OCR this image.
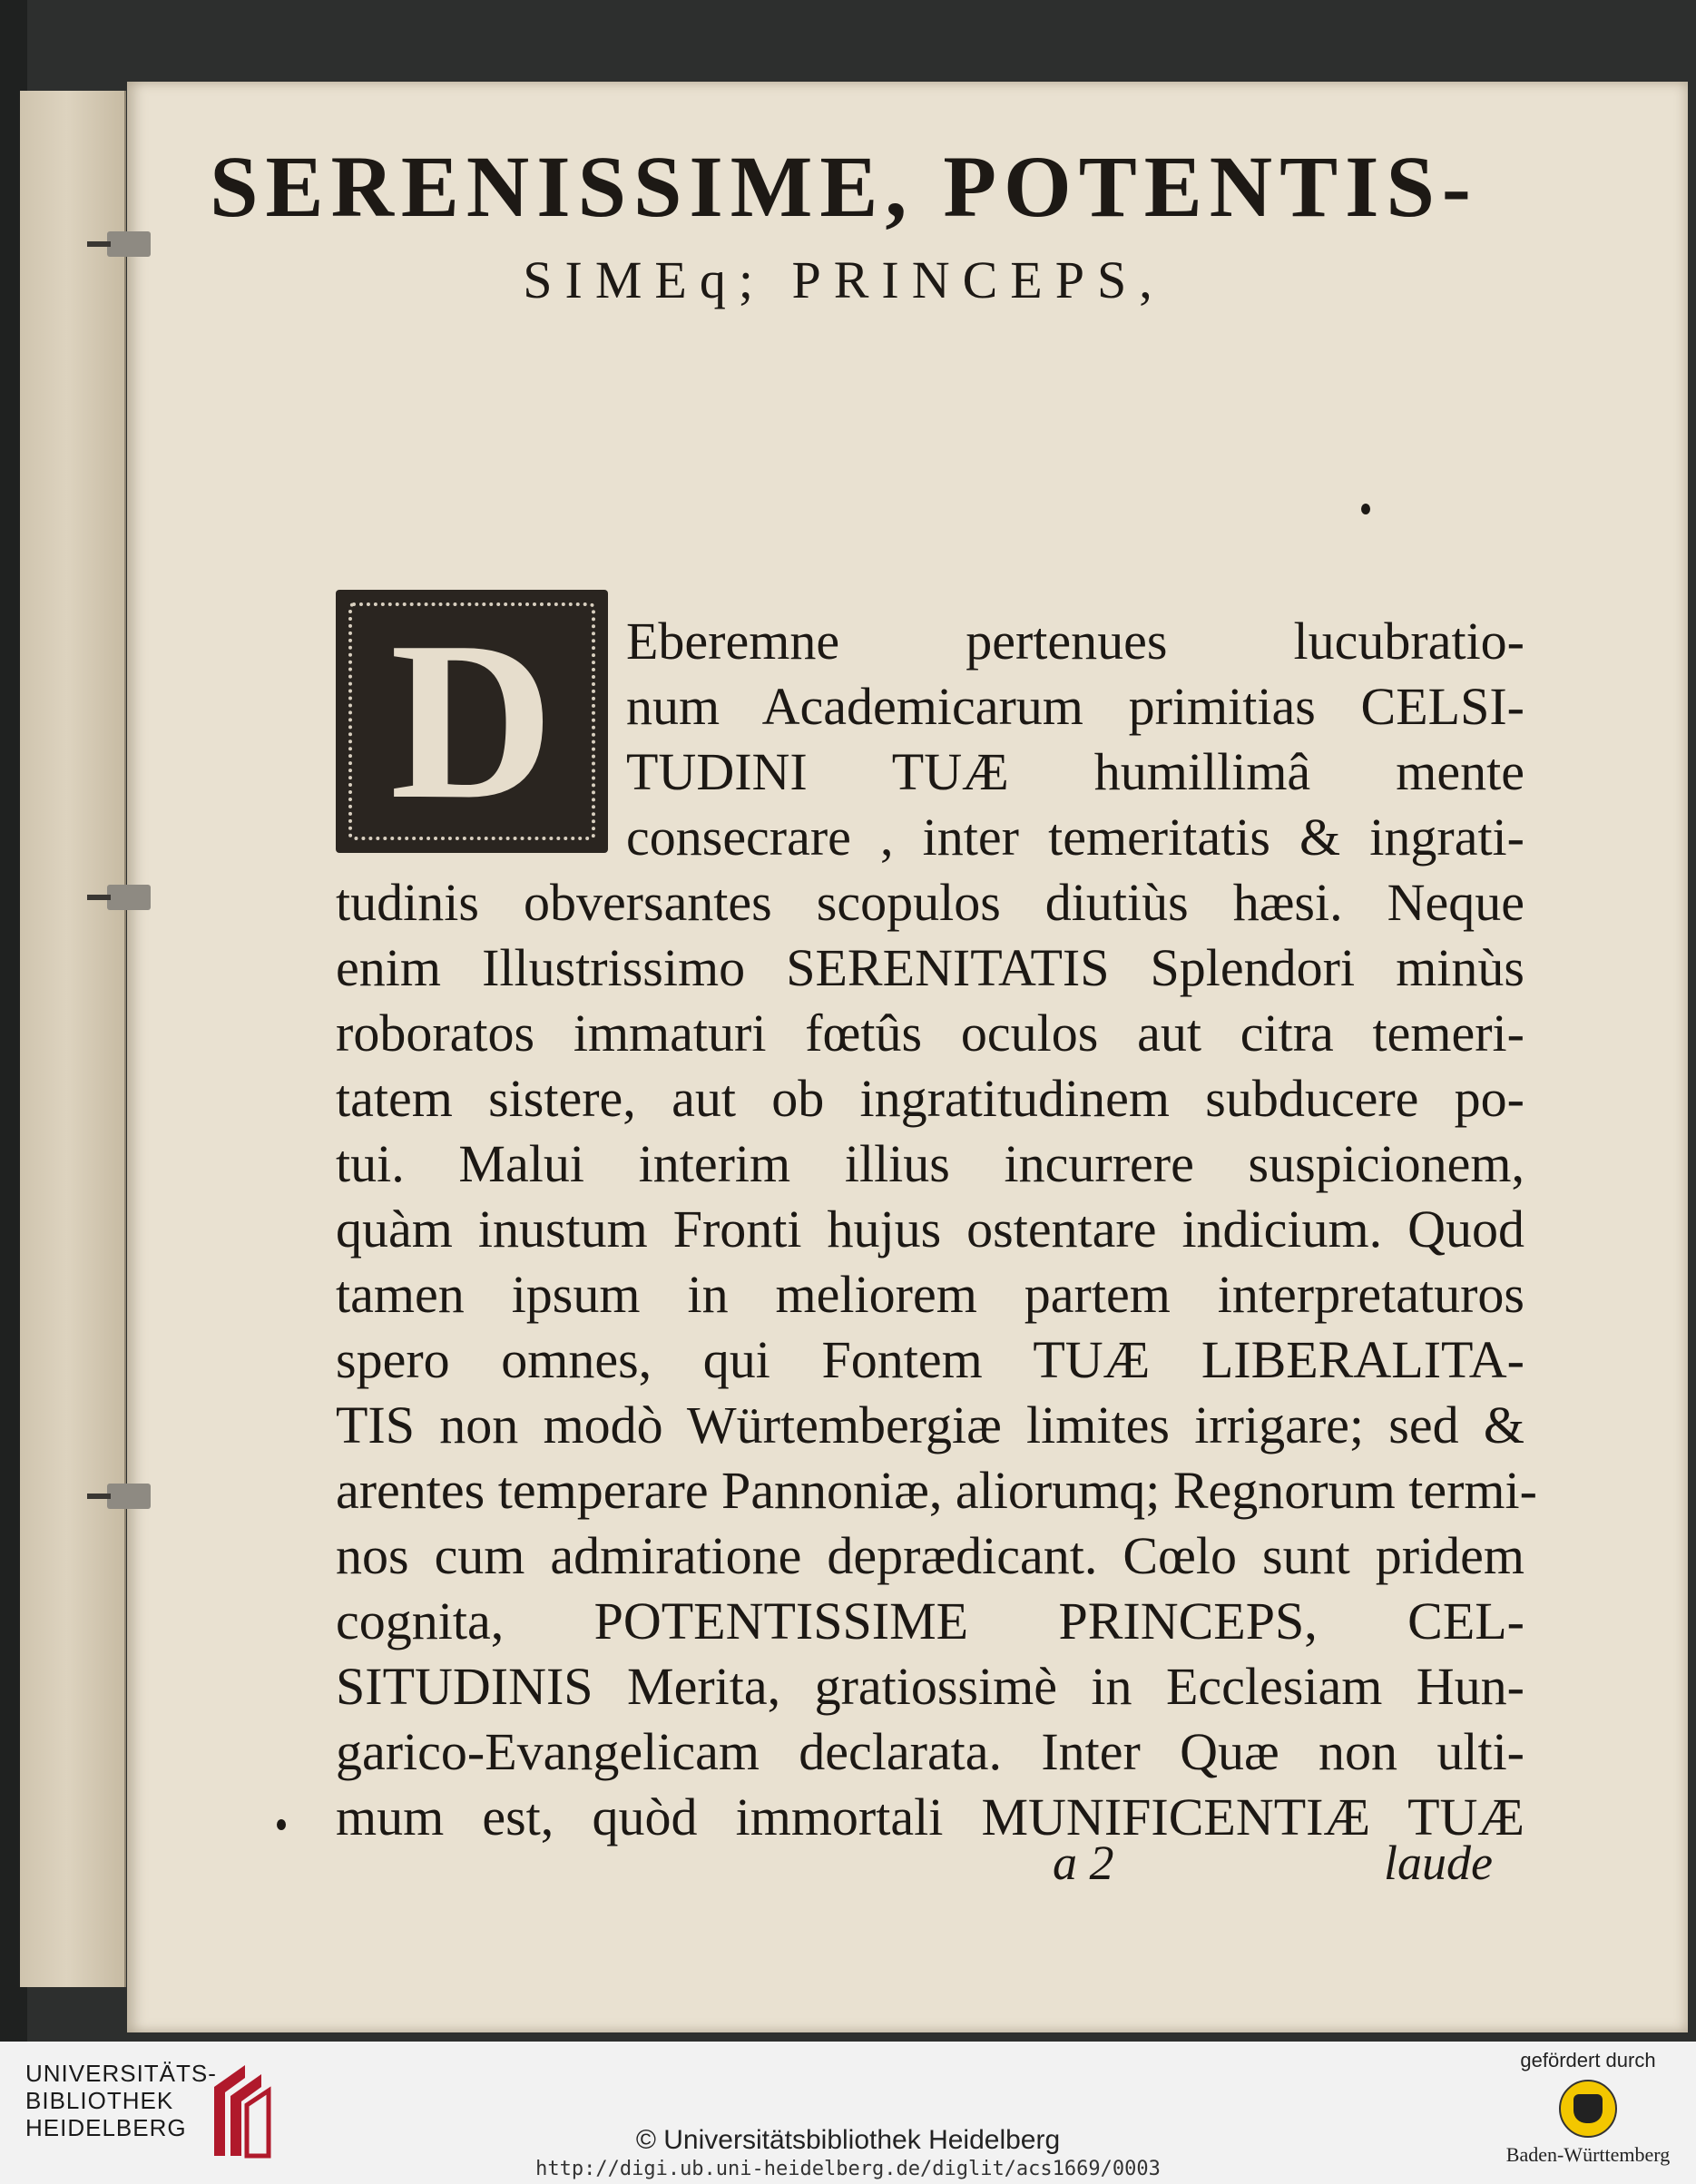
SERENISSIME, POTENTIS-
SIMEq; PRINCEPS,
D	Eberemne pertenues lucubratio-
num Academicarum primitias CELSI-
TUDINI TUÆ humillimâ mente
consecrare , inter temeritatis & ingrati-
tudinis obversantes scopulos diutiùs hæsi. Neque
enim Illustrissimo SERENITATIS Splendori minùs
roboratos immaturi fœtûs oculos aut citra temeri-
tatem sistere, aut ob ingratitudinem subducere po-
tui. Malui interim illius incurrere suspicionem,
quàm inustum Fronti hujus ostentare indicium. Quod
tamen ipsum in meliorem partem interpretaturos
spero omnes, qui Fontem TUÆ LIBERALITA-
TIS non modò Würtembergiæ limites irrigare; sed &
arentes temperare Pannoniæ, aliorumq; Regnorum termi-
nos cum admiratione deprædicant. Cœlo sunt pridem
cognita, POTENTISSIME PRINCEPS, CEL-
SITUDINIS Merita, gratiossimè in Ecclesiam Hun-
garico-Evangelicam declarata. Inter Quæ non ulti-
mum est, quòd immortali MUNIFICENTIÆ TUÆ
a 2	laude
UNIVERSITÄTS-
BIBLIOTHEK
HEIDELBERG	© Universitätsbibliothek Heidelberg
http://digi.ub.uni-heidelberg.de/diglit/acs1669/0003
gefördert durch
Baden-Württemberg
